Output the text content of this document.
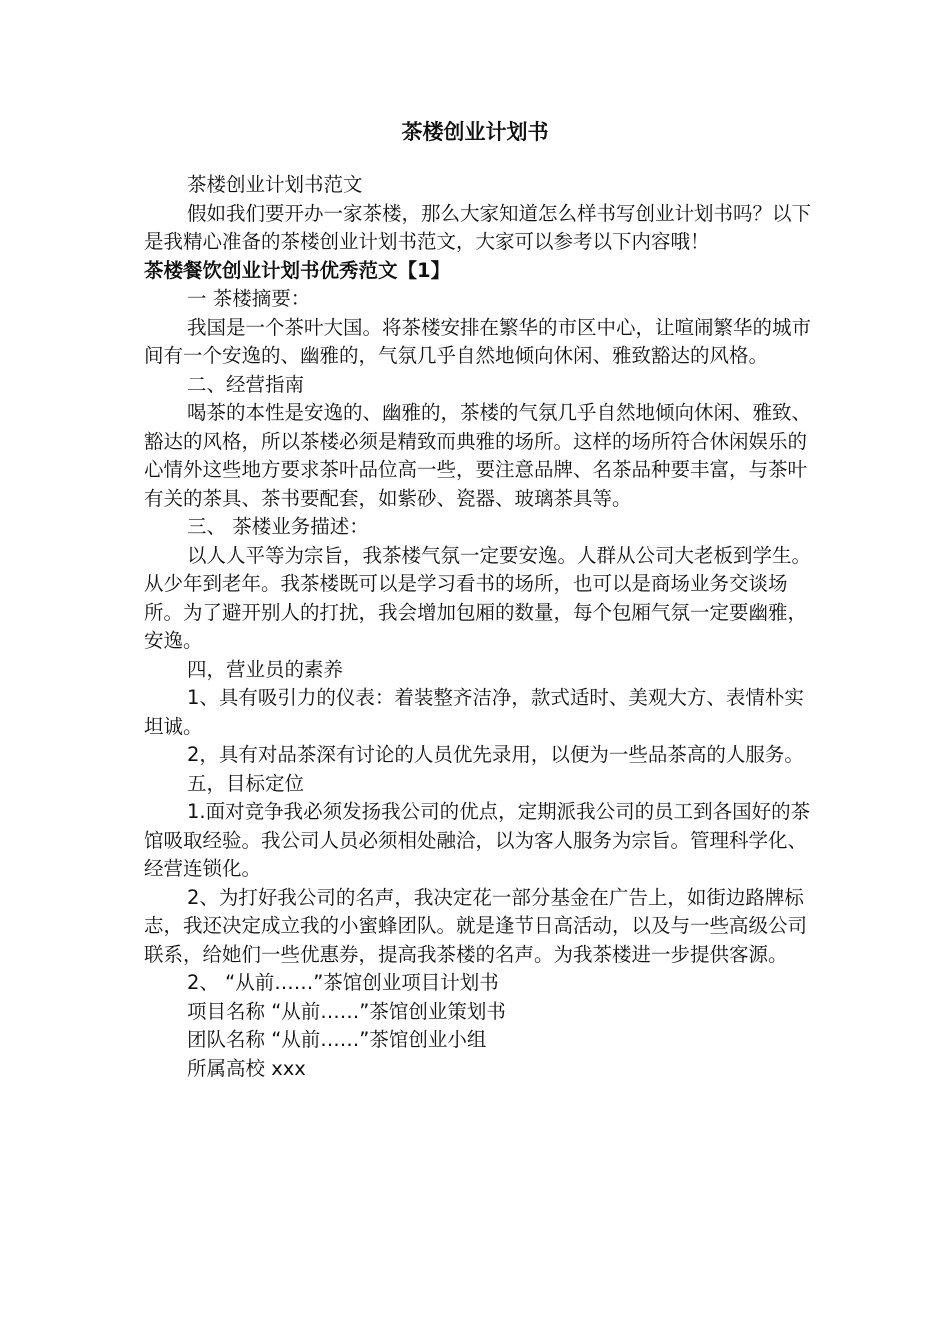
茶楼创业计划书

茶楼创业计划书范文

假如我们要开办一家茶楼，那么大家知道怎么样书写创业计划书吗？以下是我精心准备的茶楼创业计划书范文，大家可以参考以下内容哦！

茶楼餐饮创业计划书优秀范文【1】

一 茶楼摘要：

我国是一个茶叶大国。将茶楼安排在繁华的市区中心，让喧闹繁华的城市间有一个安逸的、幽雅的，气氛几乎自然地倾向休闲、雅致豁达的风格。

二、经营指南

喝茶的本性是安逸的、幽雅的，茶楼的气氛几乎自然地倾向休闲、雅致、豁达的风格，所以茶楼必须是精致而典雅的场所。这样的场所符合休闲娱乐的心情外这些地方要求茶叶品位高一些，要注意品牌、名茶品种要丰富，与茶叶有关的茶具、茶书要配套，如紫砂、瓷器、玻璃茶具等。

三、 茶楼业务描述：

以人人平等为宗旨，我茶楼气氛一定要安逸。人群从公司大老板到学生。从少年到老年。我茶楼既可以是学习看书的场所，也可以是商场业务交谈场所。为了避开别人的打扰，我会增加包厢的数量，每个包厢气氛一定要幽雅，安逸。

四，营业员的素养

1、具有吸引力的仪表：着装整齐洁净，款式适时、美观大方、表情朴实坦诚。

2，具有对品茶深有讨论的人员优先录用，以便为一些品茶高的人服务。

五，目标定位

1.面对竞争我必须发扬我公司的优点，定期派我公司的员工到各国好的茶馆吸取经验。我公司人员必须相处融洽，以为客人服务为宗旨。管理科学化、经营连锁化。

2、为打好我公司的名声，我决定花一部分基金在广告上，如街边路牌标志，我还决定成立我的小蜜蜂团队。就是逢节日高活动，以及与一些高级公司联系，给她们一些优惠券，提高我茶楼的名声。为我茶楼进一步提供客源。

2、 “从前……”茶馆创业项目计划书

项目名称 “从前……”茶馆创业策划书

团队名称 “从前……”茶馆创业小组

所属高校 xxx
